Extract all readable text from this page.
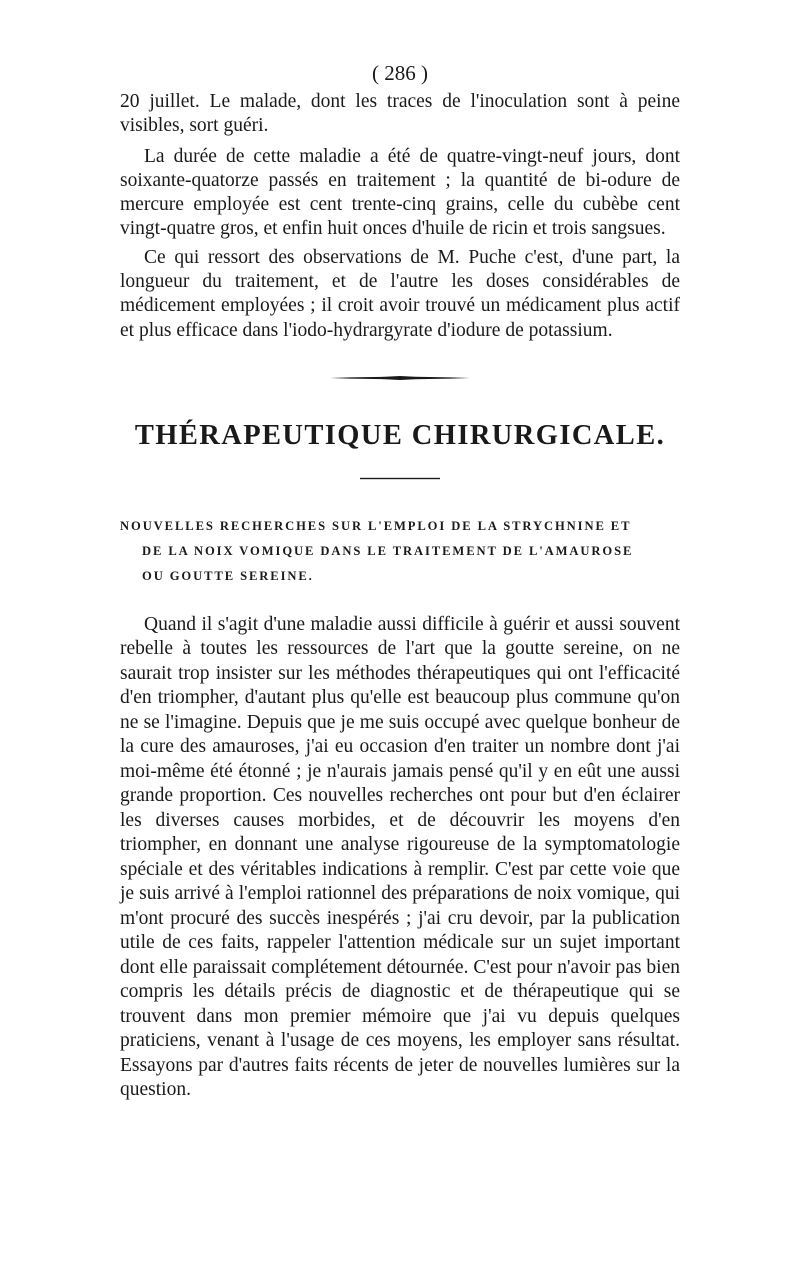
( 286 )

20 juillet. Le malade, dont les traces de l'inoculation sont à peine visibles, sort guéri.

La durée de cette maladie a été de quatre-vingt-neuf jours, dont soixante-quatorze passés en traitement ; la quantité de bi-odure de mercure employée est cent trente-cinq grains, celle du cubèbe cent vingt-quatre gros, et enfin huit onces d'huile de ricin et trois sangsues.

Ce qui ressort des observations de M. Puche c'est, d'une part, la longueur du traitement, et de l'autre les doses considérables de médicement employées ; il croit avoir trouvé un médicament plus actif et plus efficace dans l'iodo-hydrargyrate d'iodure de potassium.

THÉRAPEUTIQUE CHIRURGICALE.
NOUVELLES RECHERCHES SUR L'EMPLOI DE LA STRYCHNINE ET
DE LA NOIX VOMIQUE DANS LE TRAITEMENT DE L'AMAUROSE
OU GOUTTE SEREINE.

Quand il s'agit d'une maladie aussi difficile à guérir et aussi souvent rebelle à toutes les ressources de l'art que la goutte sereine, on ne saurait trop insister sur les méthodes thérapeutiques qui ont l'efficacité d'en triompher, d'autant plus qu'elle est beaucoup plus commune qu'on ne se l'imagine. Depuis que je me suis occupé avec quelque bonheur de la cure des amauroses, j'ai eu occasion d'en traiter un nombre dont j'ai moi-même été étonné ; je n'aurais jamais pensé qu'il y en eût une aussi grande proportion. Ces nouvelles recherches ont pour but d'en éclairer les diverses causes morbides, et de découvrir les moyens d'en triompher, en donnant une analyse rigoureuse de la symptomatologie spéciale et des véritables indications à remplir. C'est par cette voie que je suis arrivé à l'emploi rationnel des préparations de noix vomique, qui m'ont procuré des succès inespérés ; j'ai cru devoir, par la publication utile de ces faits, rappeler l'attention médicale sur un sujet important dont elle paraissait complétement détournée. C'est pour n'avoir pas bien compris les détails précis de diagnostic et de thérapeutique qui se trouvent dans mon premier mémoire que j'ai vu depuis quelques praticiens, venant à l'usage de ces moyens, les employer sans résultat. Essayons par d'autres faits récents de jeter de nouvelles lumières sur la question.
